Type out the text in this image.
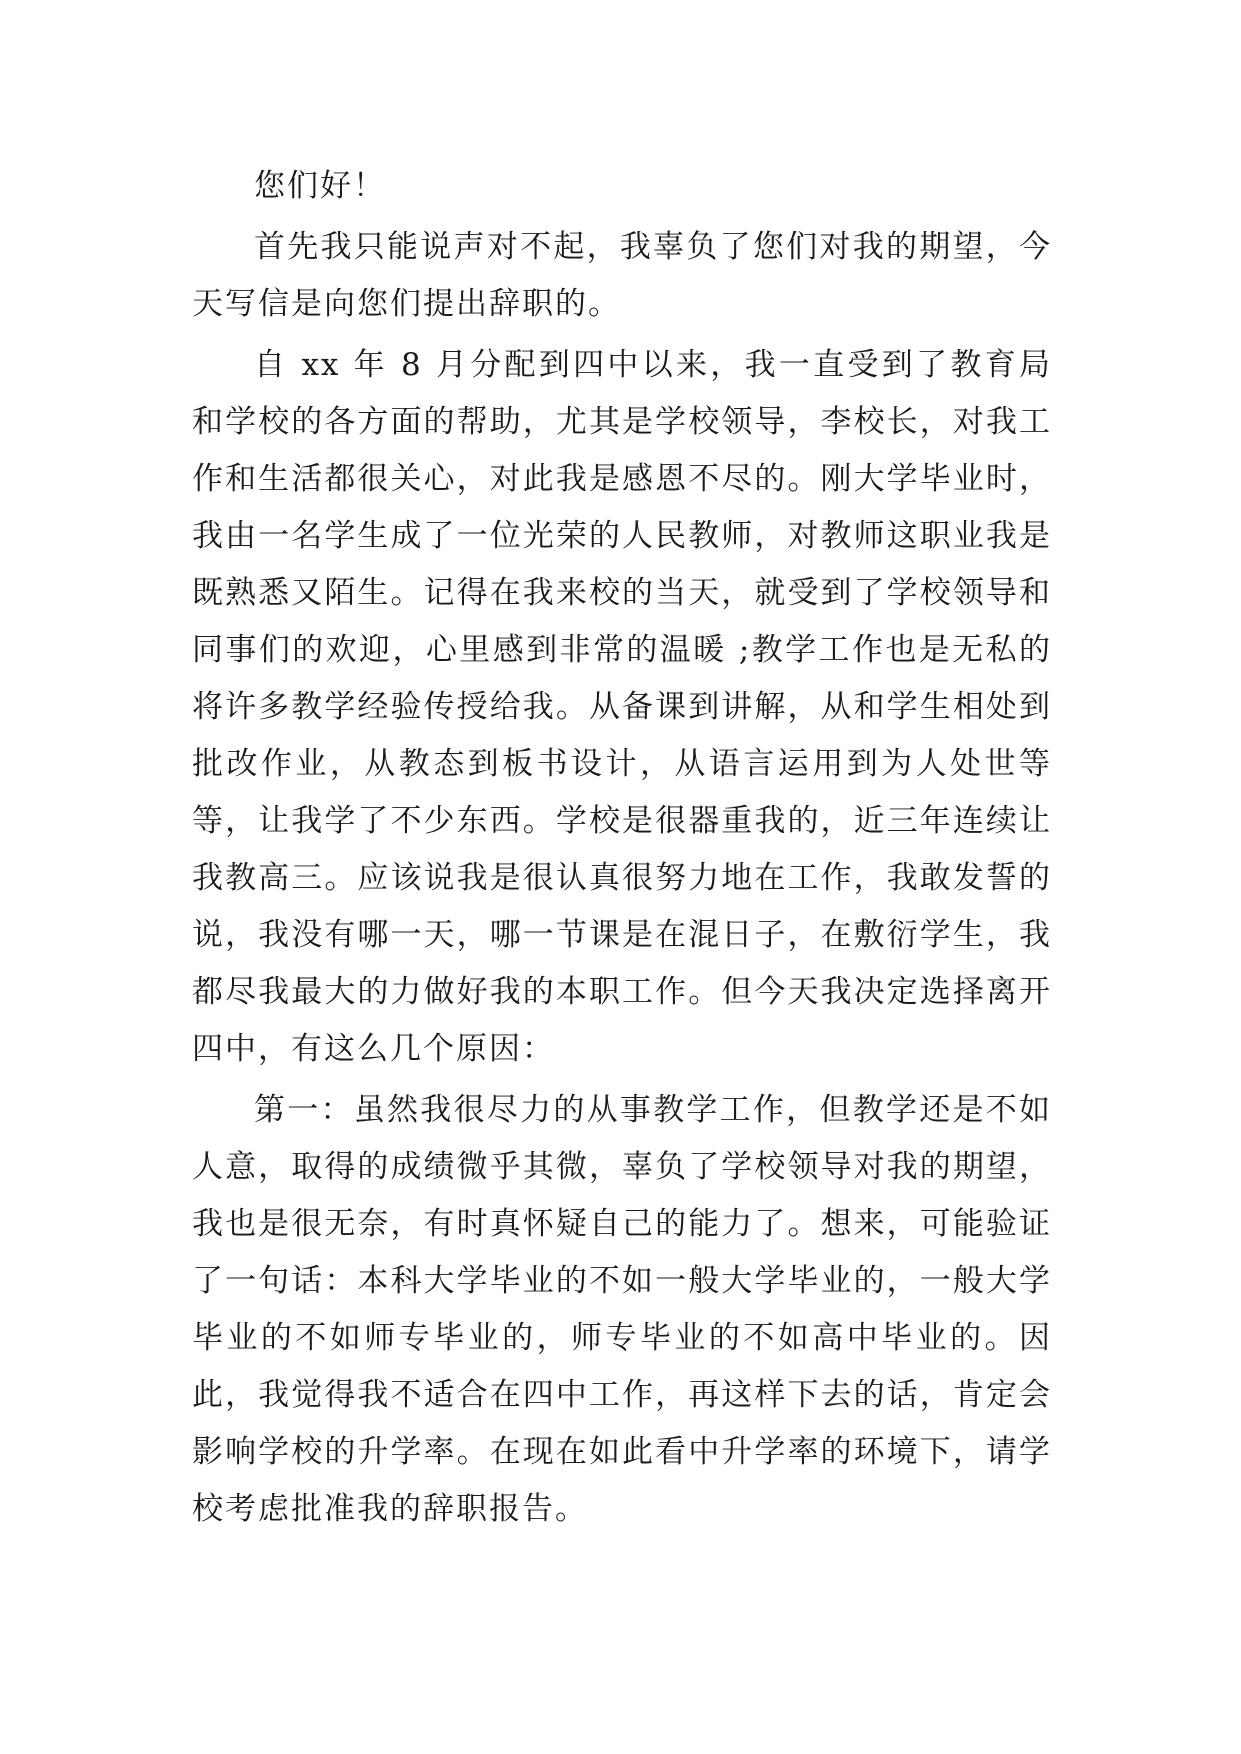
您们好！

首先我只能说声对不起，我辜负了您们对我的期望，今天写信是向您们提出辞职的。

自 xx 年 8 月分配到四中以来，我一直受到了教育局和学校的各方面的帮助，尤其是学校领导，李校长，对我工作和生活都很关心，对此我是感恩不尽的。刚大学毕业时，我由一名学生成了一位光荣的人民教师，对教师这职业我是既熟悉又陌生。记得在我来校的当天，就受到了学校领导和同事们的欢迎，心里感到非常的温暖 ;教学工作也是无私的将许多教学经验传授给我。从备课到讲解，从和学生相处到批改作业，从教态到板书设计，从语言运用到为人处世等等，让我学了不少东西。学校是很器重我的，近三年连续让我教高三。应该说我是很认真很努力地在工作，我敢发誓的说，我没有哪一天，哪一节课是在混日子，在敷衍学生，我都尽我最大的力做好我的本职工作。但今天我决定选择离开四中，有这么几个原因：

第一：虽然我很尽力的从事教学工作，但教学还是不如人意，取得的成绩微乎其微，辜负了学校领导对我的期望，我也是很无奈，有时真怀疑自己的能力了。想来，可能验证了一句话：本科大学毕业的不如一般大学毕业的，一般大学毕业的不如师专毕业的，师专毕业的不如高中毕业的。因此，我觉得我不适合在四中工作，再这样下去的话，肯定会影响学校的升学率。在现在如此看中升学率的环境下，请学校考虑批准我的辞职报告。
